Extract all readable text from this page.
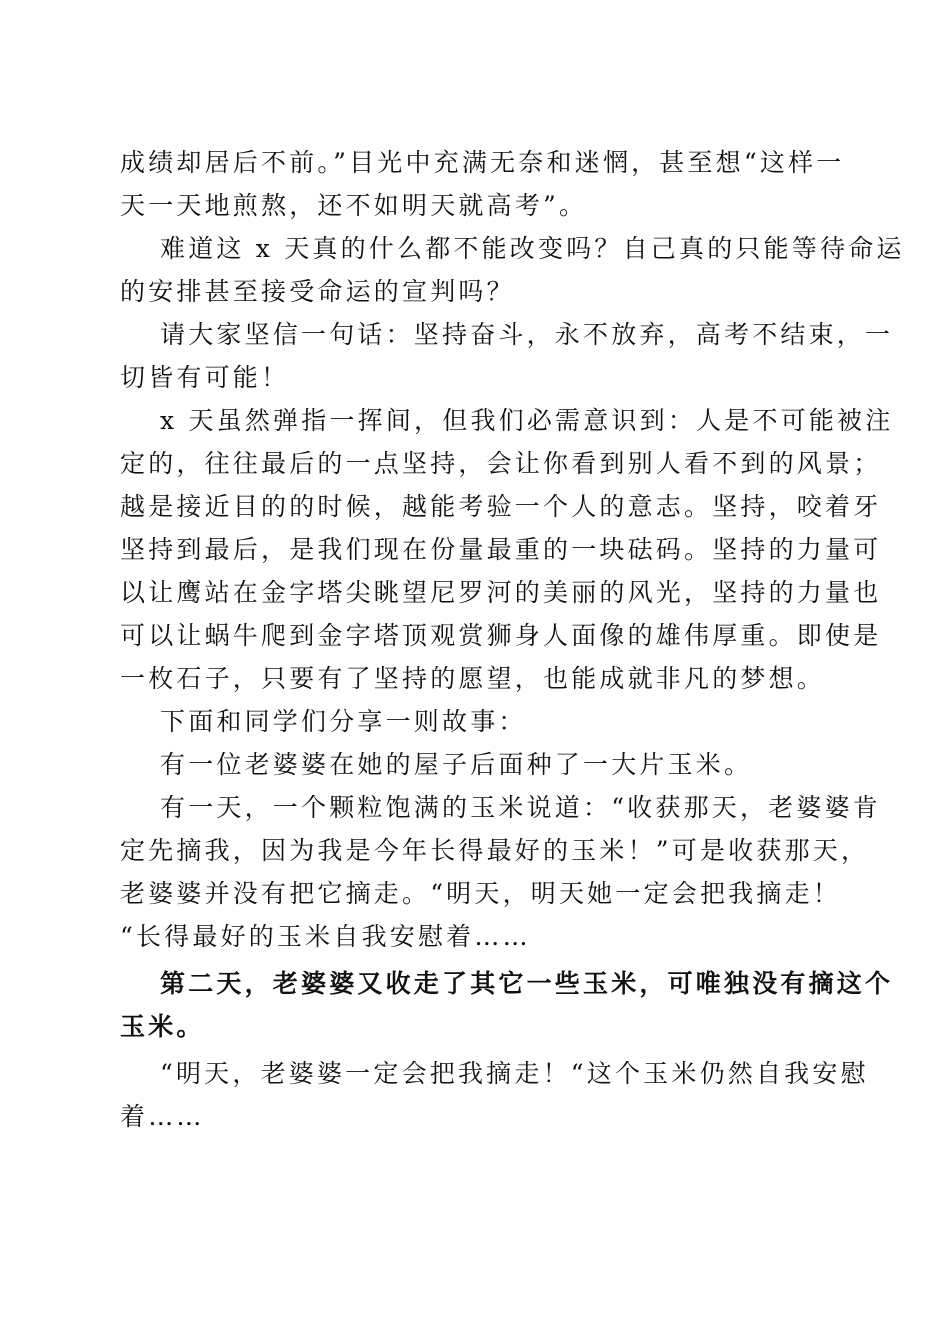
成绩却居后不前。”目光中充满无奈和迷惘，甚至想“这样一
天一天地煎熬，还不如明天就高考”。
难道这 x 天真的什么都不能改变吗？自己真的只能等待命运
的安排甚至接受命运的宣判吗？
请大家坚信一句话：坚持奋斗，永不放弃，高考不结束，一
切皆有可能！
x 天虽然弹指一挥间，但我们必需意识到：人是不可能被注
定的，往往最后的一点坚持，会让你看到别人看不到的风景；
越是接近目的的时候，越能考验一个人的意志。坚持，咬着牙
坚持到最后，是我们现在份量最重的一块砝码。坚持的力量可
以让鹰站在金字塔尖眺望尼罗河的美丽的风光，坚持的力量也
可以让蜗牛爬到金字塔顶观赏狮身人面像的雄伟厚重。即使是
一枚石子，只要有了坚持的愿望，也能成就非凡的梦想。
下面和同学们分享一则故事：
有一位老婆婆在她的屋子后面种了一大片玉米。
有一天，一个颗粒饱满的玉米说道：“收获那天，老婆婆肯
定先摘我，因为我是今年长得最好的玉米！”可是收获那天，
老婆婆并没有把它摘走。“明天，明天她一定会把我摘走！
“长得最好的玉米自我安慰着……
第二天，老婆婆又收走了其它一些玉米，可唯独没有摘这个
玉米。
“明天，老婆婆一定会把我摘走！“这个玉米仍然自我安慰
着……
